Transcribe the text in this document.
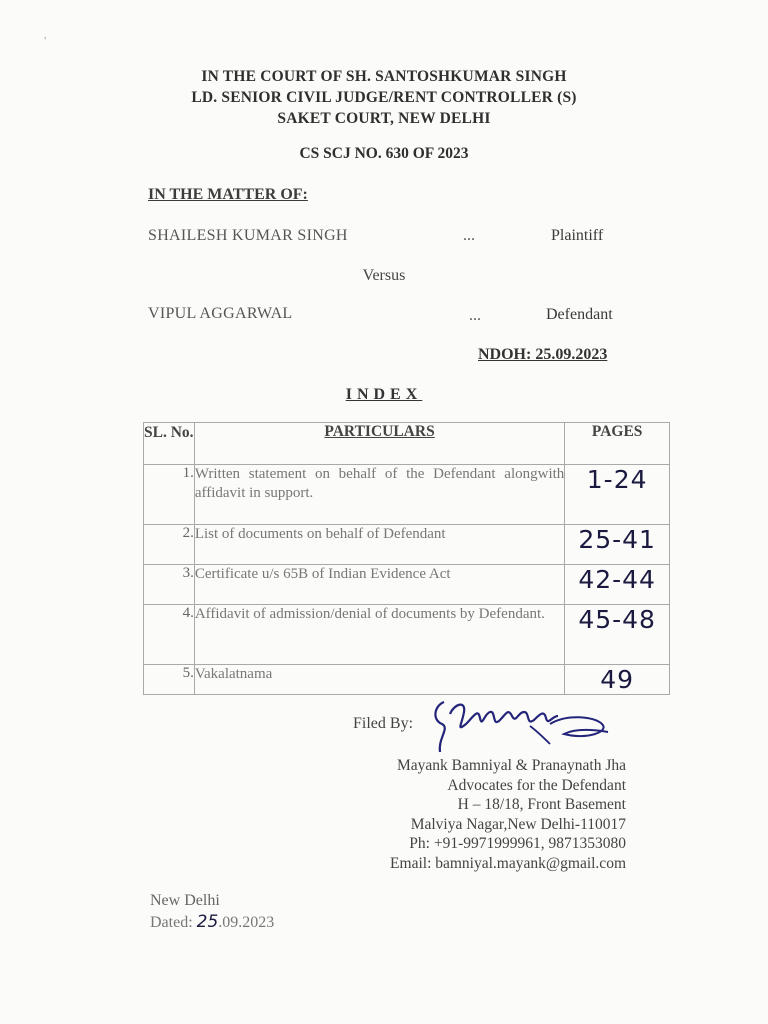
,
IN THE COURT OF SH. SANTOSHKUMAR SINGH
LD. SENIOR CIVIL JUDGE/RENT CONTROLLER (S)
SAKET COURT, NEW DELHI
CS SCJ NO. 630 OF 2023
IN THE MATTER OF:
SHAILESH KUMAR SINGH	...	Plaintiff
Versus
VIPUL AGGARWAL	...	Defendant
NDOH: 25.09.2023
INDEX
SL. No.	PARTICULARS	PAGES
1.	Written statement on behalf of the Defendant alongwith affidavit in support.	1-24
2.	List of documents on behalf of Defendant	25-41
3.	Certificate u/s 65B of Indian Evidence Act	42-44
4.	Affidavit of admission/denial of documents by Defendant.	45-48
5.	Vakalatnama	49
Filed By:
Mayank Bamniyal & Pranaynath Jha
Advocates for the Defendant
H – 18/18, Front Basement
Malviya Nagar,New Delhi-110017
Ph: +91-9971999961, 9871353080
Email: bamniyal.mayank@gmail.com
New Delhi
Dated: 25.09.2023
